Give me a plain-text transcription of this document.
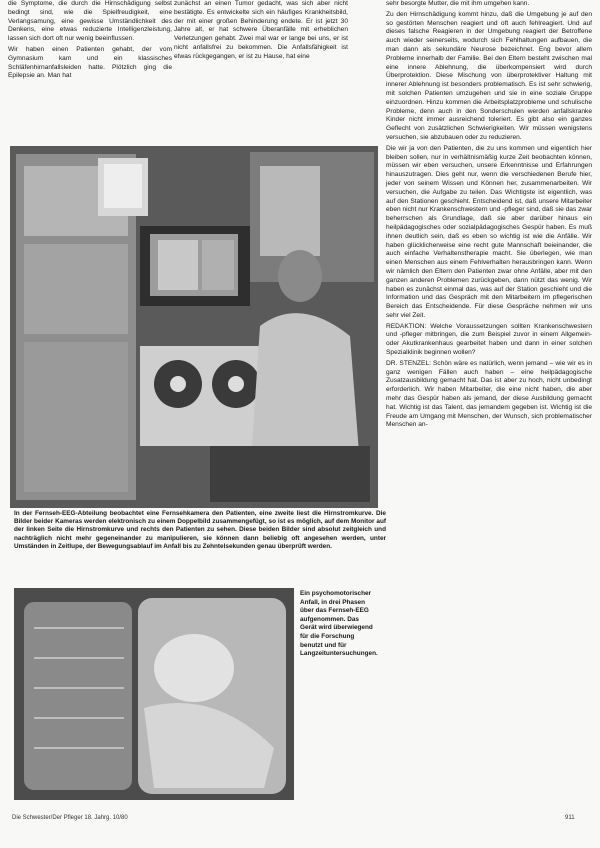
die Symptome, die durch die Hirnschädigung selbst bedingt sind, wie die Spielfreudigkeit, eine Verlangsamung, eine gewisse Umständlichkeit des Denkens, eine etwas reduzierte Intelligenzleistung, lassen sich dort oft nur wenig beeinflussen.

Wir haben einen Patienten gehabt, der vom Gymnasium kam und ein klassisches Schläfenhirnanfallsleiden hatte. Plötzlich ging die Epilepsie an. Man hat

zunächst an einen Tumor gedacht, was sich aber nicht bestätigte. Es entwickelte sich ein häufiges Krankheitsbild, der mit einer großen Behinderung endete. Er ist jetzt 30 Jahre alt, er hat schwere Überanfälle mit erheblichen Verletzungen gehabt. Zwei mal war er lange bei uns, er ist nicht anfallsfrei zu bekommen. Die Anfallsfähigkeit ist etwas rückgegangen, er ist zu Hause, hat eine

sehr besorgte Mutter, die mit ihm umgehen kann.

Zu den Hirnschädigung kommt hinzu, daß die Umgebung je auf den so gestörten Menschen reagiert und oft auch fehlreagiert. Und auf dieses falsche Reagieren in der Umgebung reagiert der Betroffene auch wieder seinerseits, wodurch sich Fehlhaltungen aufbauen, die man dann als sekundäre Neurose bezeichnet. Eng bevor allem Probleme innerhalb der Familie. Bei den Eltern besteht zwischen mal eine innere Ablehnung, die überkompensiert wird durch Überprotektion. Diese Mischung von überprotektiver Haltung mit innerer Ablehnung ist besonders problematisch. Es ist sehr schwierig, mit solchen Patienten umzugehen und sie in eine soziale Gruppe einzuordnen. Hinzu kommen die Arbeitsplatzprobleme und schulische Probleme, denn auch in den Sonderschulen werden anfallskranke Kinder nicht immer ausreichend toleriert. Es gibt also ein ganzes Geflecht von zusätzlichen Schwierigkeiten. Wir müssen wenigstens versuchen, sie abzubauen oder zu reduzieren.

Die wir ja von den Patienten, die zu uns kommen und eigentlich hier bleiben sollen, nur in verhältnismäßig kurze Zeit beobachten können, müssen wir eben versuchen, unsere Erkenntnisse und Erfahrungen hinauszutragen. Dies geht nur, wenn die verschiedenen Berufe hier, jeder von seinem Wissen und Können her, zusammenarbeiten. Wir versuchen, die Aufgabe zu teilen. Das Wichtigste ist eigentlich, was auf den Stationen geschieht. Entscheidend ist, daß unsere Mitarbeiter eben nicht nur Krankenschwestern und -pfleger sind, daß sie das zwar beherrschen als Grundlage, daß sie aber darüber hinaus ein heilpädagogisches oder sozialpädagogisches Gespür haben. Es muß ihnen deutlich sein, daß es eben so wichtig ist wie die Anfälle. Wir haben glücklicherweise eine recht gute Mannschaft beieinander, die auch einfache Verhaltenstherapie macht. Sie überlegen, wie man einen Menschen aus einem Fehlverhalten herausbringen kann. Wenn wir nämlich den Eltern den Patienten zwar ohne Anfälle, aber mit den ganzen anderen Problemen zurückgeben, dann nützt das wenig. Wir haben es zunächst einmal das, was auf der Station geschieht und die Information und das Gespräch mit den Mitarbeitern im pflegerischen Bereich das Entscheidende. Für diese Gespräche nehmen wir uns sehr viel Zeit.

REDAKTION: Welche Voraussetzungen sollten Krankenschwestern und -pfleger mitbringen, die zum Beispiel zuvor in einem Allgemein- oder Akutkrankenhaus gearbeitet haben und dann in einer solchen Spezialklinik beginnen wollen?

DR. STENZEL: Schön wäre es natürlich, wenn jemand – wie wir es in ganz wenigen Fällen auch haben – eine heilpädagogische Zusatzausbildung gemacht hat. Das ist aber zu hoch, nicht unbedingt erforderlich. Wir haben Mitarbeiter, die eine nicht haben, die aber mehr das Gespür haben als jemand, der diese Ausbildung gemacht hat. Wichtig ist das Talent, das jemandem gegeben ist. Wichtig ist die Freude am Umgang mit Menschen, der Wunsch, sich problematischer Menschen an-

In der Fernseh-EEG-Abteilung beobachtet eine Fernsehkamera den Patienten, eine zweite liest die Hirnstromkurve. Die Bilder beider Kameras werden elektronisch zu einem Doppelbild zusammengefügt, so ist es möglich, auf dem Monitor auf der linken Seite die Hirnstromkurve und rechts den Patienten zu sehen. Diese beiden Bilder sind absolut zeitgleich und nachträglich nicht mehr gegeneinander zu manipulieren, sie können dann beliebig oft angesehen werden, unter Umständen in Zeitlupe, der Bewegungsablauf im Anfall bis zu Zehntelsekunden genau überprüft werden.
Ein psychomotorischer Anfall, in drei Phasen über das Fernseh-EEG aufgenommen. Das Gerät wird überwiegend für die Forschung benutzt und für Langzeituntersuchungen.
Die Schwester/Der Pfleger 18. Jahrg. 10/80	911
